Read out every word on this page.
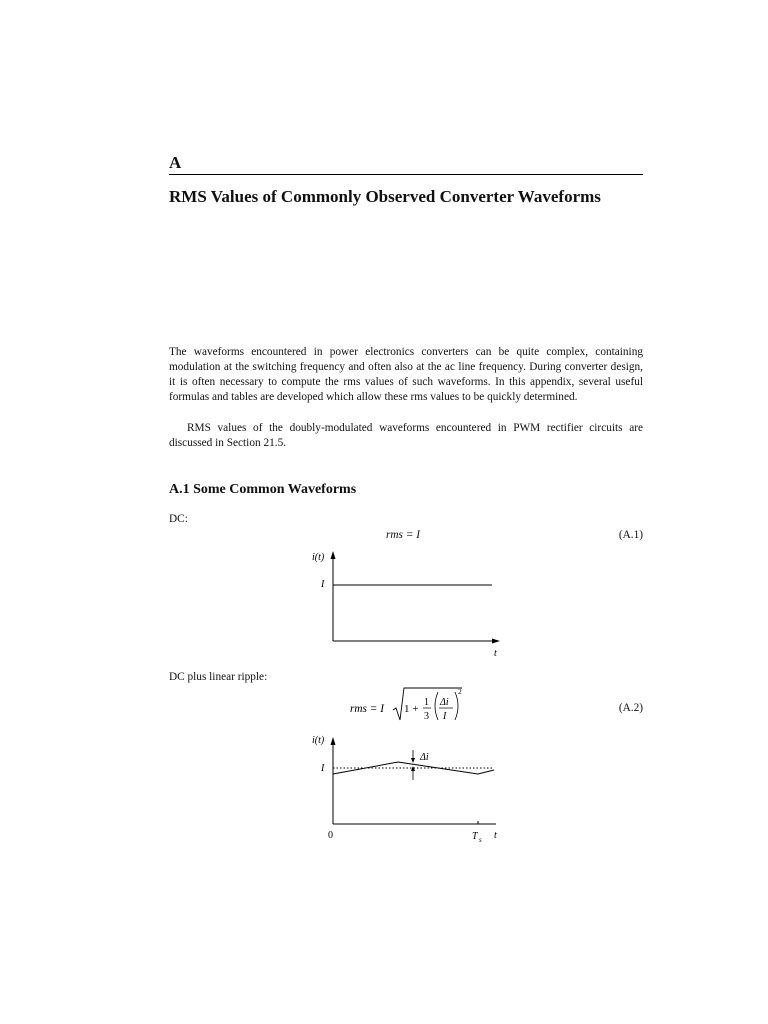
A
RMS Values of Commonly Observed Converter Waveforms

The waveforms encountered in power electronics converters can be quite complex, containing modulation at the switching frequency and often also at the ac line frequency. During converter design, it is often necessary to compute the rms values of such waveforms. In this appendix, several useful formulas and tables are developed which allow these rms values to be quickly determined.

RMS values of the doubly-modulated waveforms encountered in PWM rectifier circuits are discussed in Section 21.5.

A.1 Some Common Waveforms
DC:
rms = I	(A.1)
i(t)
I
t
DC plus linear ripple:
(A.2)
rms = I 1 +
1
3
Δi
I
2
i(t)
I
Δi
0	T s t
